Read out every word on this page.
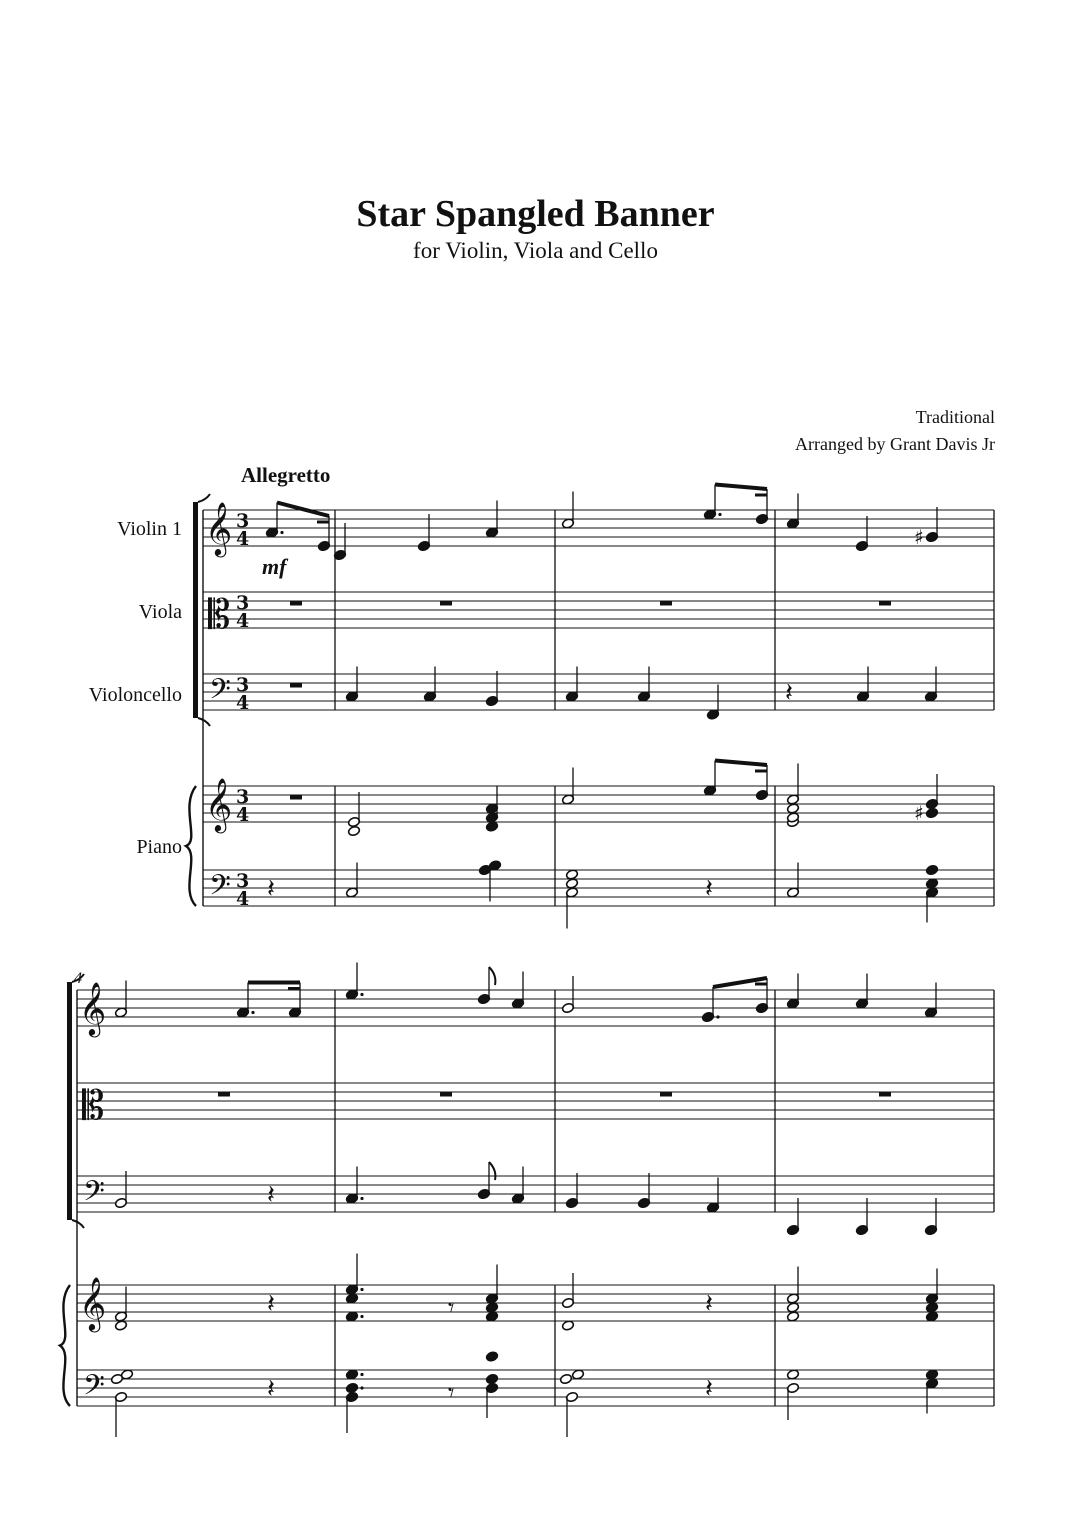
Star Spangled Banner
for Violin, Viola and Cello
Traditional
Arranged by Grant Davis Jr
Allegretto
Violin 1
Viola
Violoncello
Piano
mf
4
𝄞 3
4
𝄡 3
4
𝄢 3
4
𝄞 3
4
𝄢 3
4
♯
𝄽
♯
𝄽	𝄽
𝄞
𝄡
𝄢
𝄞
𝄢
𝄽
𝄽	𝄾	𝄽
𝄽	𝄾	𝄽
